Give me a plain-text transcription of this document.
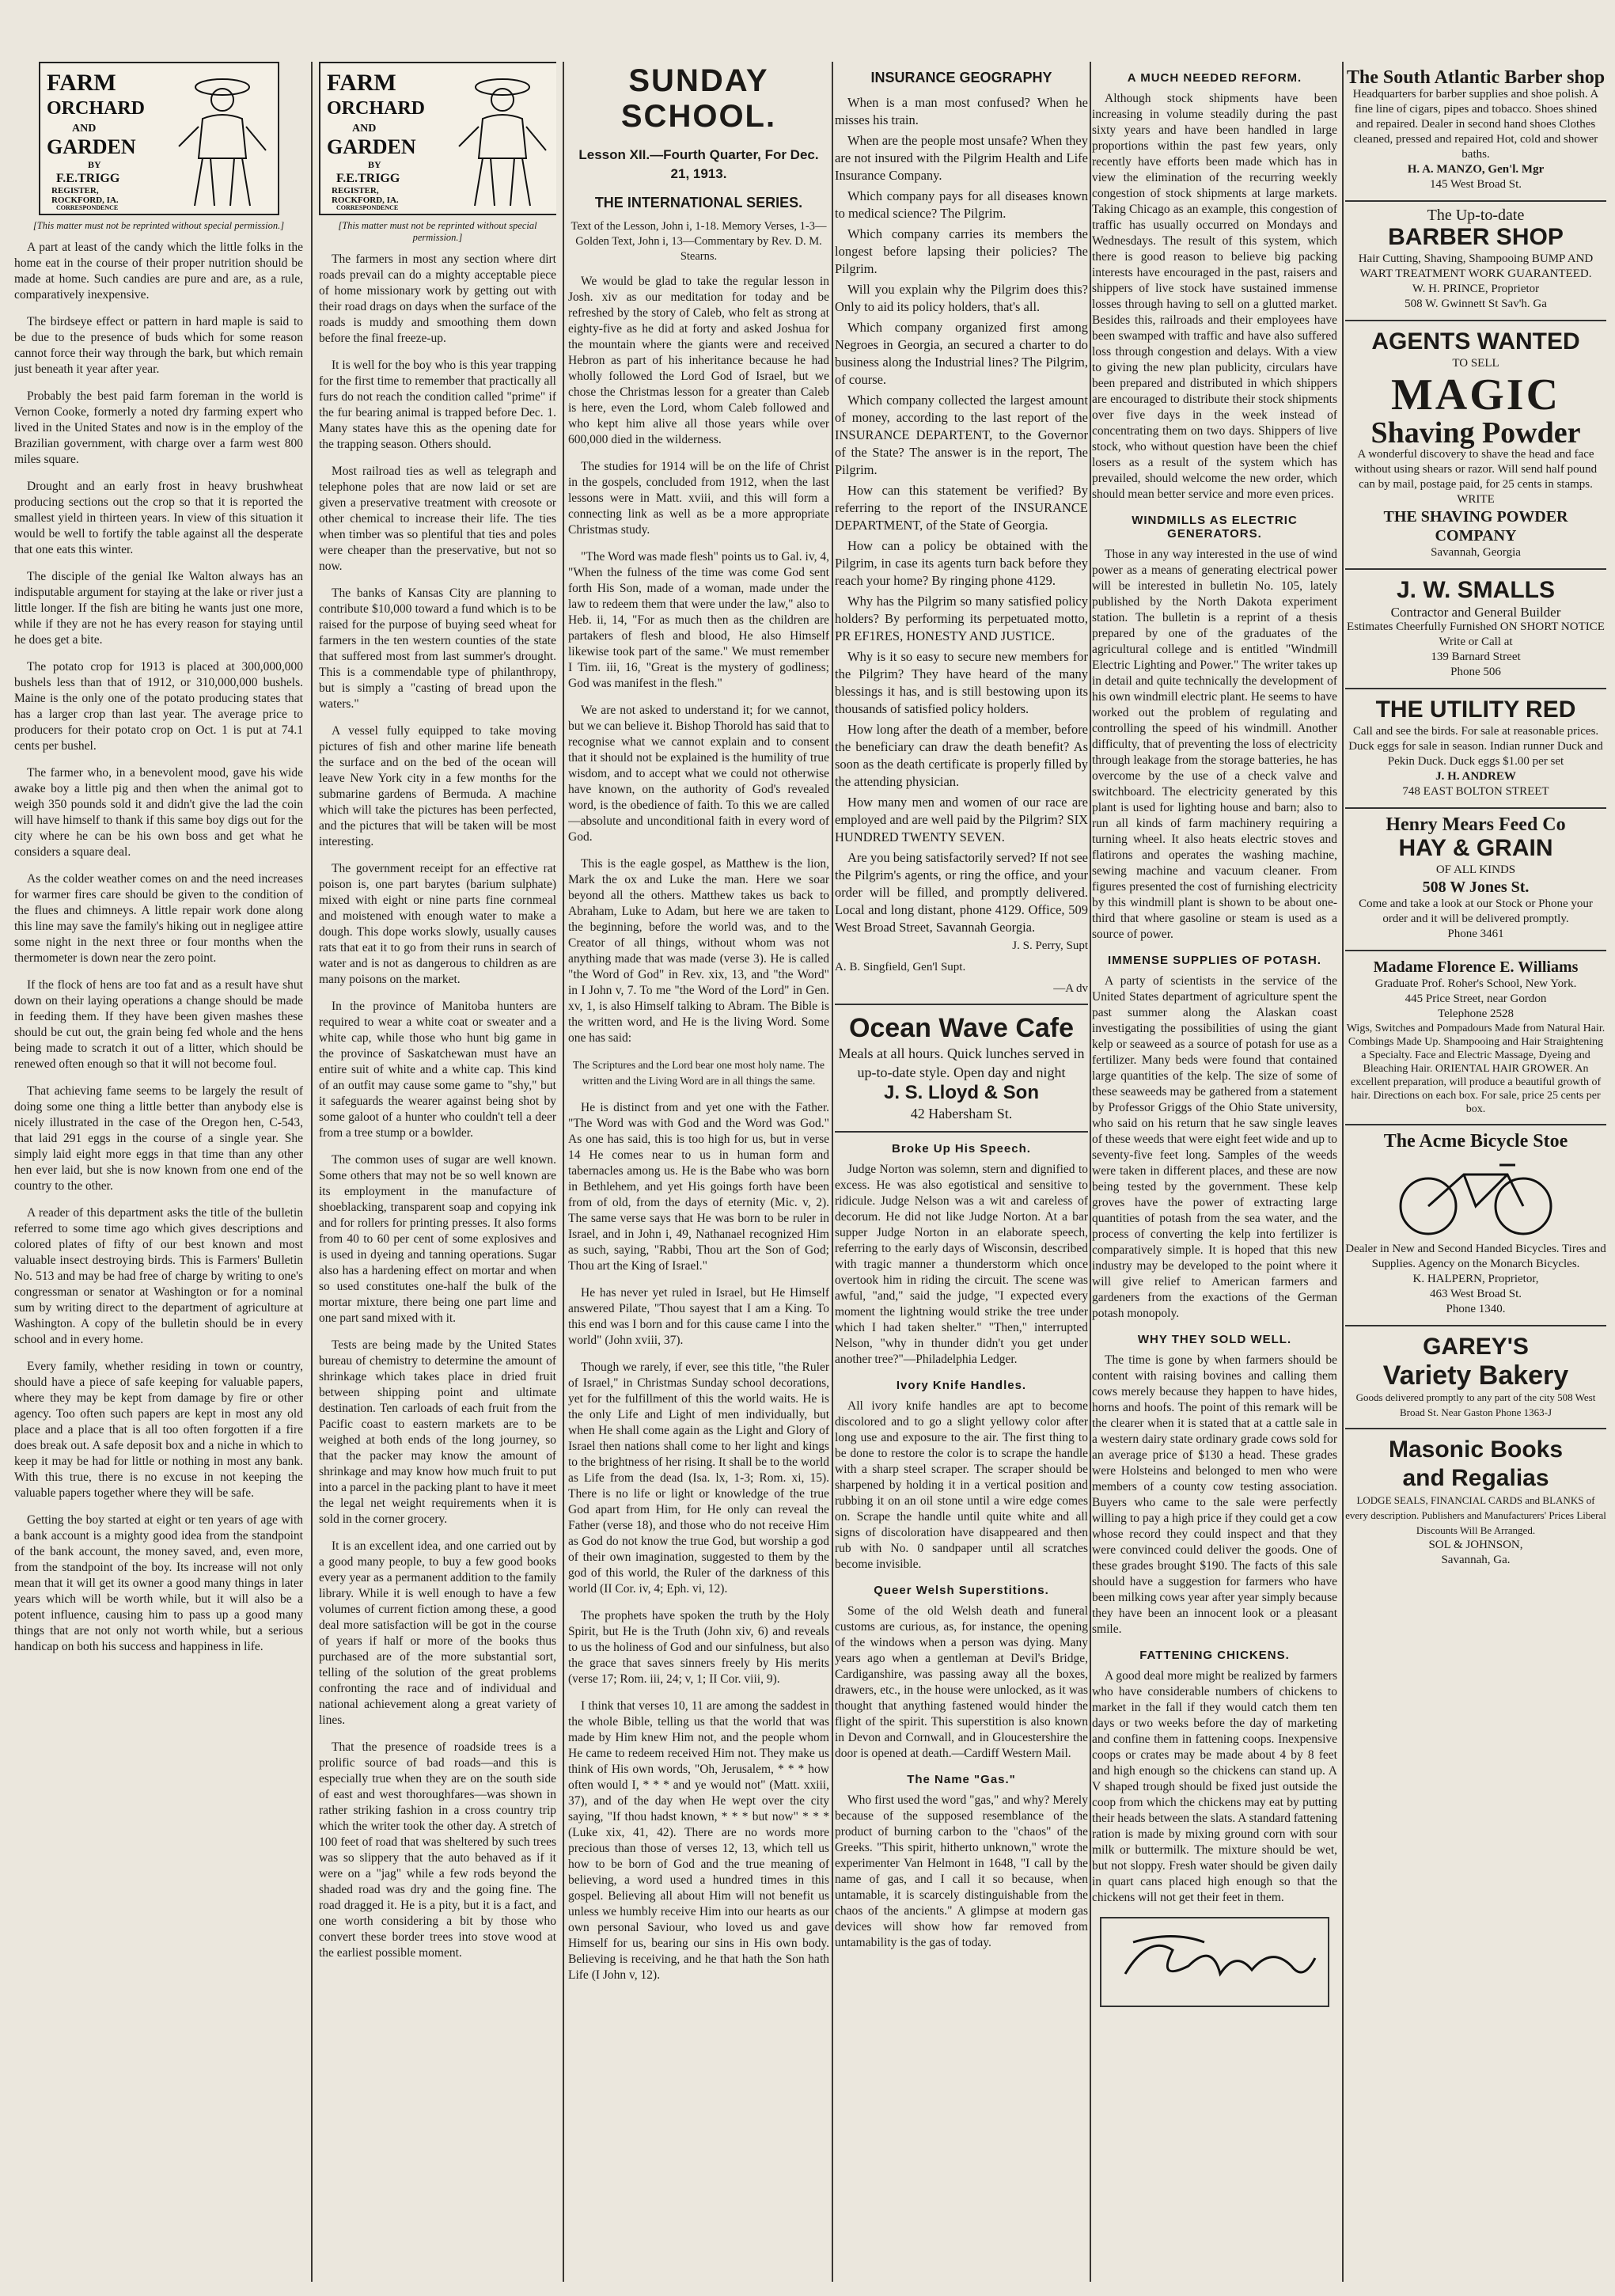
FARM
ORCHARD
AND
GARDEN
BY
F.E.TRIGG
REGISTER,
ROCKFORD, IA.
CORRESPONDENCE
[This matter must not be reprinted without special permission.]

A part at least of the candy which the little folks in the home eat in the course of their proper nutrition should be made at home. Such candies are pure and are, as a rule, comparatively inexpensive.

The birdseye effect or pattern in hard maple is said to be due to the presence of buds which for some reason cannot force their way through the bark, but which remain just beneath it year after year.

Probably the best paid farm foreman in the world is Vernon Cooke, formerly a noted dry farming expert who lived in the United States and now is in the employ of the Brazilian government, with charge over a farm west 800 miles square.

Drought and an early frost in heavy brushwheat producing sections out the crop so that it is reported the smallest yield in thirteen years. In view of this situation it would be well to fortify the table against all the desperate that one eats this winter.

The disciple of the genial Ike Walton always has an indisputable argument for staying at the lake or river just a little longer. If the fish are biting he wants just one more, while if they are not he has every reason for staying until he does get a bite.

The potato crop for 1913 is placed at 300,000,000 bushels less than that of 1912, or 310,000,000 bushels. Maine is the only one of the potato producing states that has a larger crop than last year. The average price to producers for their potato crop on Oct. 1 is put at 74.1 cents per bushel.

The farmer who, in a benevolent mood, gave his wide awake boy a little pig and then when the animal got to weigh 350 pounds sold it and didn't give the lad the coin will have himself to thank if this same boy digs out for the city where he can be his own boss and get what he considers a square deal.

As the colder weather comes on and the need increases for warmer fires care should be given to the condition of the flues and chimneys. A little repair work done along this line may save the family's hiking out in negligee attire some night in the next three or four months when the thermometer is down near the zero point.

If the flock of hens are too fat and as a result have shut down on their laying operations a change should be made in feeding them. If they have been given mashes these should be cut out, the grain being fed whole and the hens being made to scratch it out of a litter, which should be renewed often enough so that it will not become foul.

That achieving fame seems to be largely the result of doing some one thing a little better than anybody else is nicely illustrated in the case of the Oregon hen, C-543, that laid 291 eggs in the course of a single year. She simply laid eight more eggs in that time than any other hen ever laid, but she is now known from one end of the country to the other.

A reader of this department asks the title of the bulletin referred to some time ago which gives descriptions and colored plates of fifty of our best known and most valuable insect destroying birds. This is Farmers' Bulletin No. 513 and may be had free of charge by writing to one's congressman or senator at Washington or for a nominal sum by writing direct to the department of agriculture at Washington. A copy of the bulletin should be in every school and in every home.

Every family, whether residing in town or country, should have a piece of safe keeping for valuable papers, where they may be kept from damage by fire or other agency. Too often such papers are kept in most any old place and a place that is all too often forgotten if a fire does break out. A safe deposit box and a niche in which to keep it may be had for little or nothing in most any bank. With this true, there is no excuse in not keeping the valuable papers together where they will be safe.

Getting the boy started at eight or ten years of age with a bank account is a mighty good idea from the standpoint of the bank account, the money saved, and, even more, from the standpoint of the boy. Its increase will not only mean that it will get its owner a good many things in later years which will be worth while, but it will also be a potent influence, causing him to pass up a good many things that are not only not worth while, but a serious handicap on both his success and happiness in life.

FARM
ORCHARD
AND
GARDEN
BY
F.E.TRIGG
REGISTER,
ROCKFORD, IA.
CORRESPONDENCE
[This matter must not be reprinted without special permission.]

The farmers in most any section where dirt roads prevail can do a mighty acceptable piece of home missionary work by getting out with their road drags on days when the surface of the roads is muddy and smoothing them down before the final freeze-up.

It is well for the boy who is this year trapping for the first time to remember that practically all furs do not reach the condition called "prime" if the fur bearing animal is trapped before Dec. 1. Many states have this as the opening date for the trapping season. Others should.

Most railroad ties as well as telegraph and telephone poles that are now laid or set are given a preservative treatment with creosote or other chemical to increase their life. The ties when timber was so plentiful that ties and poles were cheaper than the preservative, but not so now.

The banks of Kansas City are planning to contribute $10,000 toward a fund which is to be raised for the purpose of buying seed wheat for farmers in the ten western counties of the state that suffered most from last summer's drought. This is a commendable type of philanthropy, but is simply a "casting of bread upon the waters."

A vessel fully equipped to take moving pictures of fish and other marine life beneath the surface and on the bed of the ocean will leave New York city in a few months for the submarine gardens of Bermuda. A machine which will take the pictures has been perfected, and the pictures that will be taken will be most interesting.

The government receipt for an effective rat poison is, one part barytes (barium sulphate) mixed with eight or nine parts fine cornmeal and moistened with enough water to make a dough. This dope works slowly, usually causes rats that eat it to go from their runs in search of water and is not as dangerous to children as are many poisons on the market.

In the province of Manitoba hunters are required to wear a white coat or sweater and a white cap, while those who hunt big game in the province of Saskatchewan must have an entire suit of white and a white cap. This kind of an outfit may cause some game to "shy," but it safeguards the wearer against being shot by some galoot of a hunter who couldn't tell a deer from a tree stump or a bowlder.

The common uses of sugar are well known. Some others that may not be so well known are its employment in the manufacture of shoeblacking, transparent soap and copying ink and for rollers for printing presses. It also forms from 40 to 60 per cent of some explosives and is used in dyeing and tanning operations. Sugar also has a hardening effect on mortar and when so used constitutes one-half the bulk of the mortar mixture, there being one part lime and one part sand mixed with it.

Tests are being made by the United States bureau of chemistry to determine the amount of shrinkage which takes place in dried fruit between shipping point and ultimate destination. Ten carloads of each fruit from the Pacific coast to eastern markets are to be weighed at both ends of the long journey, so that the packer may know the amount of shrinkage and may know how much fruit to put into a parcel in the packing plant to have it meet the legal net weight requirements when it is sold in the corner grocery.

It is an excellent idea, and one carried out by a good many people, to buy a few good books every year as a permanent addition to the family library. While it is well enough to have a few volumes of current fiction among these, a good deal more satisfaction will be got in the course of years if half or more of the books thus purchased are of the more substantial sort, telling of the solution of the great problems confronting the race and of individual and national achievement along a great variety of lines.

That the presence of roadside trees is a prolific source of bad roads—and this is especially true when they are on the south side of east and west thoroughfares—was shown in rather striking fashion in a cross country trip which the writer took the other day. A stretch of 100 feet of road that was sheltered by such trees was so slippery that the auto behaved as if it were on a "jag" while a few rods beyond the shaded road was dry and the going fine. The road dragged it. He is a pity, but it is a fact, and one worth considering a bit by those who convert these border trees into stove wood at the earliest possible moment.

SUNDAY SCHOOL.
Lesson XII.—Fourth Quarter, For Dec. 21, 1913.
THE INTERNATIONAL SERIES.
Text of the Lesson, John i, 1-18. Memory Verses, 1-3—Golden Text, John i, 13—Commentary by Rev. D. M. Stearns.

We would be glad to take the regular lesson in Josh. xiv as our meditation for today and be refreshed by the story of Caleb, who felt as strong at eighty-five as he did at forty and asked Joshua for the mountain where the giants were and received Hebron as part of his inheritance because he had wholly followed the Lord God of Israel, but we chose the Christmas lesson for a greater than Caleb is here, even the Lord, whom Caleb followed and who kept him alive all those years while over 600,000 died in the wilderness.

The studies for 1914 will be on the life of Christ in the gospels, concluded from 1912, when the last lessons were in Matt. xviii, and this will form a connecting link as well as be a more appropriate Christmas study.

"The Word was made flesh" points us to Gal. iv, 4, "When the fulness of the time was come God sent forth His Son, made of a woman, made under the law to redeem them that were under the law," also to Heb. ii, 14, "For as much then as the children are partakers of flesh and blood, He also Himself likewise took part of the same." We must remember I Tim. iii, 16, "Great is the mystery of godliness; God was manifest in the flesh."

We are not asked to understand it; for we cannot, but we can believe it. Bishop Thorold has said that to recognise what we cannot explain and to consent that it should not be explained is the humility of true wisdom, and to accept what we could not otherwise have known, on the authority of God's revealed word, is the obedience of faith. To this we are called—absolute and unconditional faith in every word of God.

This is the eagle gospel, as Matthew is the lion, Mark the ox and Luke the man. Here we soar beyond all the others. Matthew takes us back to Abraham, Luke to Adam, but here we are taken to the beginning, before the world was, and to the Creator of all things, without whom was not anything made that was made (verse 3). He is called "the Word of God" in Rev. xix, 13, and "the Word" in I John v, 7. To me "the Word of the Lord" in Gen. xv, 1, is also Himself talking to Abram. The Bible is the written word, and He is the living Word. Some one has said:

The Scriptures and the Lord bear one most holy name. The written and the Living Word are in all things the same.

He is distinct from and yet one with the Father. "The Word was with God and the Word was God." As one has said, this is too high for us, but in verse 14 He comes near to us in human form and tabernacles among us. He is the Babe who was born in Bethlehem, and yet His goings forth have been from of old, from the days of eternity (Mic. v, 2). The same verse says that He was born to be ruler in Israel, and in John i, 49, Nathanael recognized Him as such, saying, "Rabbi, Thou art the Son of God; Thou art the King of Israel."

He has never yet ruled in Israel, but He Himself answered Pilate, "Thou sayest that I am a King. To this end was I born and for this cause came I into the world" (John xviii, 37).

Though we rarely, if ever, see this title, "the Ruler of Israel," in Christmas Sunday school decorations, yet for the fulfillment of this the world waits. He is the only Life and Light of men individually, but when He shall come again as the Light and Glory of Israel then nations shall come to her light and kings to the brightness of her rising. It shall be to the world as Life from the dead (Isa. lx, 1-3; Rom. xi, 15). There is no life or light or knowledge of the true God apart from Him, for He only can reveal the Father (verse 18), and those who do not receive Him as God do not know the true God, but worship a god of their own imagination, suggested to them by the god of this world, the Ruler of the darkness of this world (II Cor. iv, 4; Eph. vi, 12).

The prophets have spoken the truth by the Holy Spirit, but He is the Truth (John xiv, 6) and reveals to us the holiness of God and our sinfulness, but also the grace that saves sinners freely by His merits (verse 17; Rom. iii, 24; v, 1; II Cor. viii, 9).

I think that verses 10, 11 are among the saddest in the whole Bible, telling us that the world that was made by Him knew Him not, and the people whom He came to redeem received Him not. They make us think of His own words, "Oh, Jerusalem, * * * how often would I, * * * and ye would not" (Matt. xxiii, 37), and of the day when He wept over the city saying, "If thou hadst known, * * * but now" * * * (Luke xix, 41, 42). There are no words more precious than those of verses 12, 13, which tell us how to be born of God and the true meaning of believing, a word used a hundred times in this gospel. Believing all about Him will not benefit us unless we humbly receive Him into our hearts as our own personal Saviour, who loved us and gave Himself for us, bearing our sins in His own body. Believing is receiving, and he that hath the Son hath Life (I John v, 12).

INSURANCE GEOGRAPHY

When is a man most confused? When he misses his train.

When are the people most unsafe? When they are not insured with the Pilgrim Health and Life Insurance Company.

Which company pays for all diseases known to medical science? The Pilgrim.

Which company carries its members the longest before lapsing their policies? The Pilgrim.

Will you explain why the Pilgrim does this? Only to aid its policy holders, that's all.

Which company organized first among Negroes in Georgia, an secured a charter to do business along the Industrial lines? The Pilgrim, of course.

Which company collected the largest amount of money, according to the last report of the INSURANCE DEPARTENT, to the Governor of the State? The answer is in the report, The Pilgrim.

How can this statement be verified? By referring to the report of the INSURANCE DEPARTMENT, of the State of Georgia.

How can a policy be obtained with the Pilgrim, in case its agents turn back before they reach your home? By ringing phone 4129.

Why has the Pilgrim so many satisfied policy holders? By performing its perpetuated motto, PR EF1RES, HONESTY AND JUSTICE.

Why is it so easy to secure new members for the Pilgrim? They have heard of the many blessings it has, and is still bestowing upon its thousands of satisfied policy holders.

How long after the death of a member, before the beneficiary can draw the death benefit? As soon as the death certificate is properly filled by the attending physician.

How many men and women of our race are employed and are well paid by the Pilgrim? SIX HUNDRED TWENTY SEVEN.

Are you being satisfactorily served? If not see the Pilgrim's agents, or ring the office, and your order will be filled, and promptly delivered. Local and long distant, phone 4129. Office, 509 West Broad Street, Savannah Georgia.

J. S. Perry, Supt
A. B. Singfield, Gen'l Supt.
—A dv
Ocean Wave Cafe
Meals at all hours. Quick lunches served in up-to-date style. Open day and night
J. S. Lloyd & Son
42 Habersham St.
Broke Up His Speech.

Judge Norton was solemn, stern and dignified to excess. He was also egotistical and sensitive to ridicule. Judge Nelson was a wit and careless of decorum. He did not like Judge Norton. At a bar supper Judge Norton in an elaborate speech, referring to the early days of Wisconsin, described with tragic manner a thunderstorm which once overtook him in riding the circuit. The scene was awful, "and," said the judge, "I expected every moment the lightning would strike the tree under which I had taken shelter." "Then," interrupted Nelson, "why in thunder didn't you get under another tree?"—Philadelphia Ledger.

Ivory Knife Handles.

All ivory knife handles are apt to become discolored and to go a slight yellowy color after long use and exposure to the air. The first thing to be done to restore the color is to scrape the handle with a sharp steel scraper. The scraper should be sharpened by holding it in a vertical position and rubbing it on an oil stone until a wire edge comes on. Scrape the handle until quite white and all signs of discoloration have disappeared and then rub with No. 0 sandpaper until all scratches become invisible.

Queer Welsh Superstitions.

Some of the old Welsh death and funeral customs are curious, as, for instance, the opening of the windows when a person was dying. Many years ago when a gentleman at Devil's Bridge, Cardiganshire, was passing away all the boxes, drawers, etc., in the house were unlocked, as it was thought that anything fastened would hinder the flight of the spirit. This superstition is also known in Devon and Cornwall, and in Gloucestershire the door is opened at death.—Cardiff Western Mail.

The Name "Gas."

Who first used the word "gas," and why? Merely because of the supposed resemblance of the product of burning carbon to the "chaos" of the Greeks. "This spirit, hitherto unknown," wrote the experimenter Van Helmont in 1648, "I call by the name of gas, and I call it so because, when untamable, it is scarcely distinguishable from the chaos of the ancients." A glimpse at modern gas devices will show how far removed from untamability is the gas of today.

A MUCH NEEDED REFORM.

Although stock shipments have been increasing in volume steadily during the past sixty years and have been handled in large proportions within the past few years, only recently have efforts been made which has in view the elimination of the recurring weekly congestion of stock shipments at large markets. Taking Chicago as an example, this congestion of traffic has usually occurred on Mondays and Wednesdays. The result of this system, which there is good reason to believe big packing interests have encouraged in the past, raisers and shippers of live stock have sustained immense losses through having to sell on a glutted market. Besides this, railroads and their employees have been swamped with traffic and have also suffered loss through congestion and delays. With a view to giving the new plan publicity, circulars have been prepared and distributed in which shippers are encouraged to distribute their stock shipments over five days in the week instead of concentrating them on two days. Shippers of live stock, who without question have been the chief losers as a result of the system which has prevailed, should welcome the new order, which should mean better service and more even prices.

WINDMILLS AS ELECTRIC GENERATORS.

Those in any way interested in the use of wind power as a means of generating electrical power will be interested in bulletin No. 105, lately published by the North Dakota experiment station. The bulletin is a reprint of a thesis prepared by one of the graduates of the agricultural college and is entitled "Windmill Electric Lighting and Power." The writer takes up in detail and quite technically the development of his own windmill electric plant. He seems to have worked out the problem of regulating and controlling the speed of his windmill. Another difficulty, that of preventing the loss of electricity through leakage from the storage batteries, he has overcome by the use of a check valve and switchboard. The electricity generated by this plant is used for lighting house and barn; also to run all kinds of farm machinery requiring a turning wheel. It also heats electric stoves and flatirons and operates the washing machine, sewing machine and vacuum cleaner. From figures presented the cost of furnishing electricity by this windmill plant is shown to be about one-third that where gasoline or steam is used as a source of power.

IMMENSE SUPPLIES OF POTASH.

A party of scientists in the service of the United States department of agriculture spent the past summer along the Alaskan coast investigating the possibilities of using the giant kelp or seaweed as a source of potash for use as a fertilizer. Many beds were found that contained large quantities of the kelp. The size of some of these seaweeds may be gathered from a statement by Professor Griggs of the Ohio State university, who said on his return that he saw single leaves of these weeds that were eight feet wide and up to seventy-five feet long. Samples of the weeds were taken in different places, and these are now being tested by the government. These kelp groves have the power of extracting large quantities of potash from the sea water, and the process of converting the kelp into fertilizer is comparatively simple. It is hoped that this new industry may be developed to the point where it will give relief to American farmers and gardeners from the exactions of the German potash monopoly.

WHY THEY SOLD WELL.

The time is gone by when farmers should be content with raising bovines and calling them cows merely because they happen to have hides, horns and hoofs. The point of this remark will be the clearer when it is stated that at a cattle sale in a western dairy state ordinary grade cows sold for an average price of $130 a head. These grades were Holsteins and belonged to men who were members of a county cow testing association. Buyers who came to the sale were perfectly willing to pay a high price if they could get a cow whose record they could inspect and that they were convinced could deliver the goods. One of these grades brought $190. The facts of this sale should have a suggestion for farmers who have been milking cows year after year simply because they have been an innocent look or a pleasant smile.

FATTENING CHICKENS.

A good deal more might be realized by farmers who have considerable numbers of chickens to market in the fall if they would catch them ten days or two weeks before the day of marketing and confine them in fattening coops. Inexpensive coops or crates may be made about 4 by 8 feet and high enough so the chickens can stand up. A V shaped trough should be fixed just outside the coop from which the chickens may eat by putting their heads between the slats. A standard fattening ration is made by mixing ground corn with sour milk or buttermilk. The mixture should be wet, but not sloppy. Fresh water should be given daily in quart cans placed high enough so that the chickens will not get their feet in them.

The South Atlantic Barber shop
Headquarters for barber supplies and shoe polish. A fine line of cigars, pipes and tobacco. Shoes shined and repaired. Dealer in second hand shoes Clothes cleaned, pressed and repaired Hot, cold and shower baths.
H. A. MANZO, Gen'l. Mgr
145 West Broad St.
The Up-to-date
BARBER SHOP
Hair Cutting, Shaving, Shampooing BUMP AND WART TREATMENT WORK GUARANTEED.
W. H. PRINCE, Proprietor
508 W. Gwinnett St Sav'h. Ga
AGENTS WANTED
TO SELL
MAGIC
Shaving Powder
A wonderful discovery to shave the head and face without using shears or razor. Will send half pound can by mail, postage paid, for 25 cents in stamps.
WRITE
THE SHAVING POWDER COMPANY
Savannah, Georgia
J. W. SMALLS
Contractor and General Builder
Estimates Cheerfully Furnished ON SHORT NOTICE
Write or Call at
139 Barnard Street
Phone 506
THE UTILITY RED
Call and see the birds. For sale at reasonable prices. Duck eggs for sale in season. Indian runner Duck and Pekin Duck. Duck eggs $1.00 per set
J. H. ANDREW
748 EAST BOLTON STREET
Henry Mears Feed Co
HAY & GRAIN
OF ALL KINDS
508 W Jones St.
Come and take a look at our Stock or Phone your order and it will be delivered promptly.
Phone 3461
Madame Florence E. Williams
Graduate Prof. Roher's School, New York.
445 Price Street, near Gordon
Telephone 2528
Wigs, Switches and Pompadours Made from Natural Hair. Combings Made Up. Shampooing and Hair Straightening a Specialty. Face and Electric Massage, Dyeing and Bleaching Hair. ORIENTAL HAIR GROWER. An excellent preparation, will produce a beautiful growth of hair. Directions on each box. For sale, price 25 cents per box.
The Acme Bicycle Stoe
Dealer in New and Second Handed Bicycles. Tires and Supplies. Agency on the Monarch Bicycles.
K. HALPERN, Proprietor,
463 West Broad St.
Phone 1340.
GAREY'S
Variety Bakery
Goods delivered promptly to any part of the city 508 West Broad St. Near Gaston Phone 1363-J
Masonic Books
and Regalias
LODGE SEALS, FINANCIAL CARDS and BLANKS of every description. Publishers and Manufacturers' Prices Liberal Discounts Will Be Arranged.
SOL & JOHNSON,
Savannah, Ga.
